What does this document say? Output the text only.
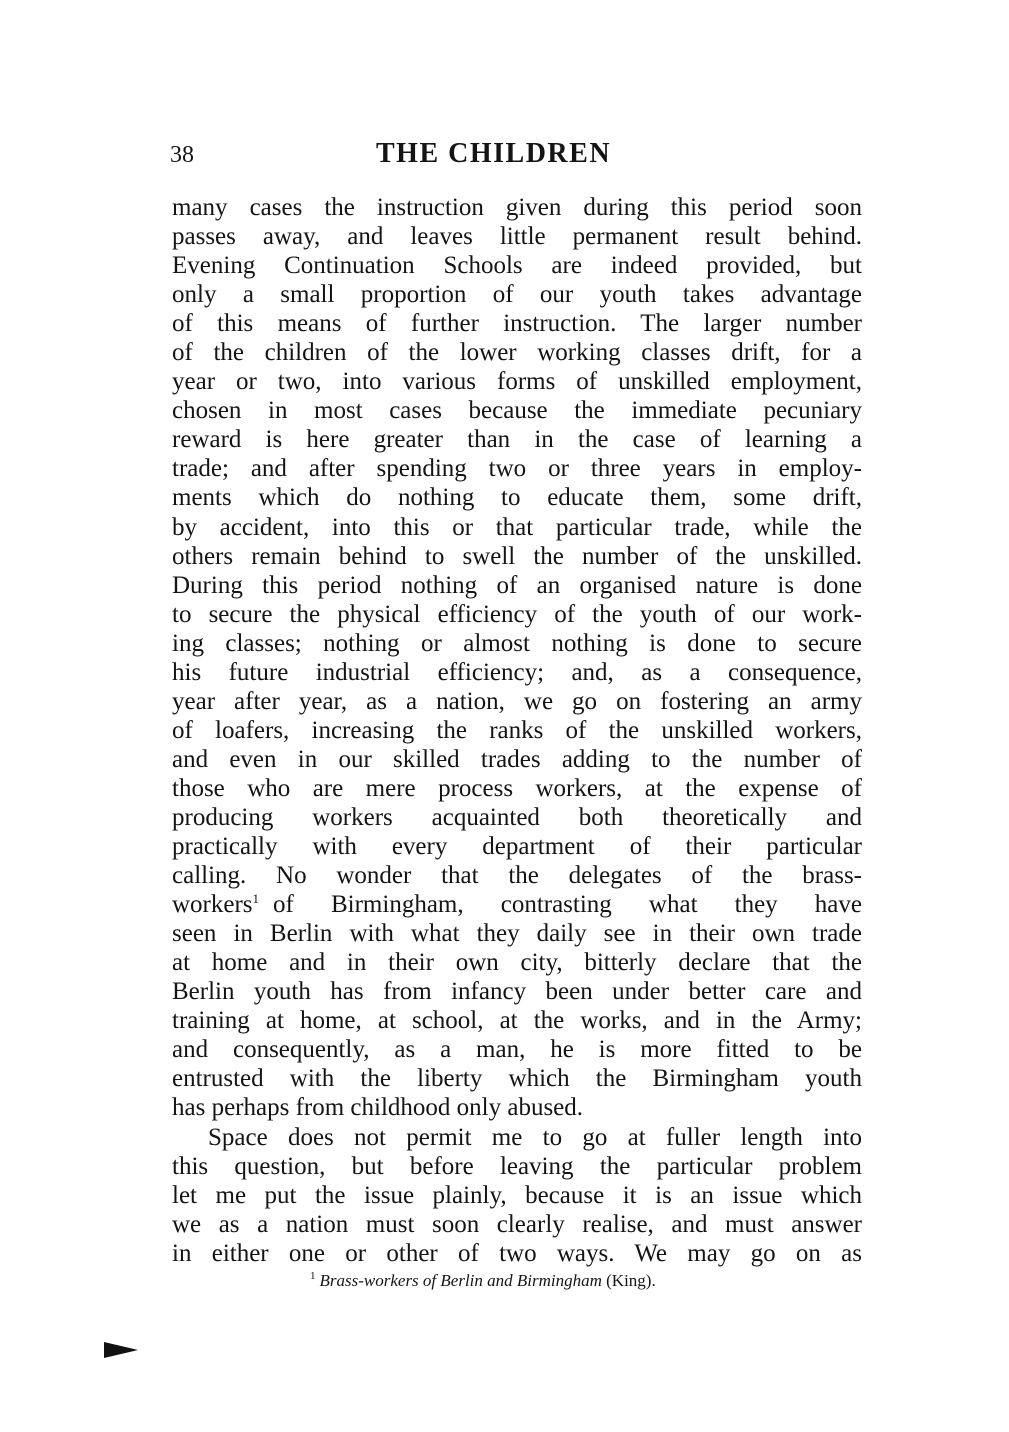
38	THE CHILDREN
many cases the instruction given during this period soon
passes away, and leaves little permanent result behind.
Evening Continuation Schools are indeed provided, but
only a small proportion of our youth takes advantage
of this means of further instruction. The larger number
of the children of the lower working classes drift, for a
year or two, into various forms of unskilled employment,
chosen in most cases because the immediate pecuniary
reward is here greater than in the case of learning a
trade; and after spending two or three years in employ-
ments which do nothing to educate them, some drift,
by accident, into this or that particular trade, while the
others remain behind to swell the number of the unskilled.
During this period nothing of an organised nature is done
to secure the physical efficiency of the youth of our work-
ing classes; nothing or almost nothing is done to secure
his future industrial efficiency; and, as a consequence,
year after year, as a nation, we go on fostering an army
of loafers, increasing the ranks of the unskilled workers,
and even in our skilled trades adding to the number of
those who are mere process workers, at the expense of
producing workers acquainted both theoretically and
practically with every department of their particular
calling. No wonder that the delegates of the brass-
workers$^1$ of Birmingham, contrasting what they have
seen in Berlin with what they daily see in their own trade
at home and in their own city, bitterly declare that the
Berlin youth has from infancy been under better care and
training at home, at school, at the works, and in the Army;
and consequently, as a man, he is more fitted to be
entrusted with the liberty which the Birmingham youth
has perhaps from childhood only abused.
Space does not permit me to go at fuller length into
this question, but before leaving the particular problem
let me put the issue plainly, because it is an issue which
we as a nation must soon clearly realise, and must answer
in either one or other of two ways. We may go on as
$^1$ Brass-workers of Berlin and Birmingham (King).
